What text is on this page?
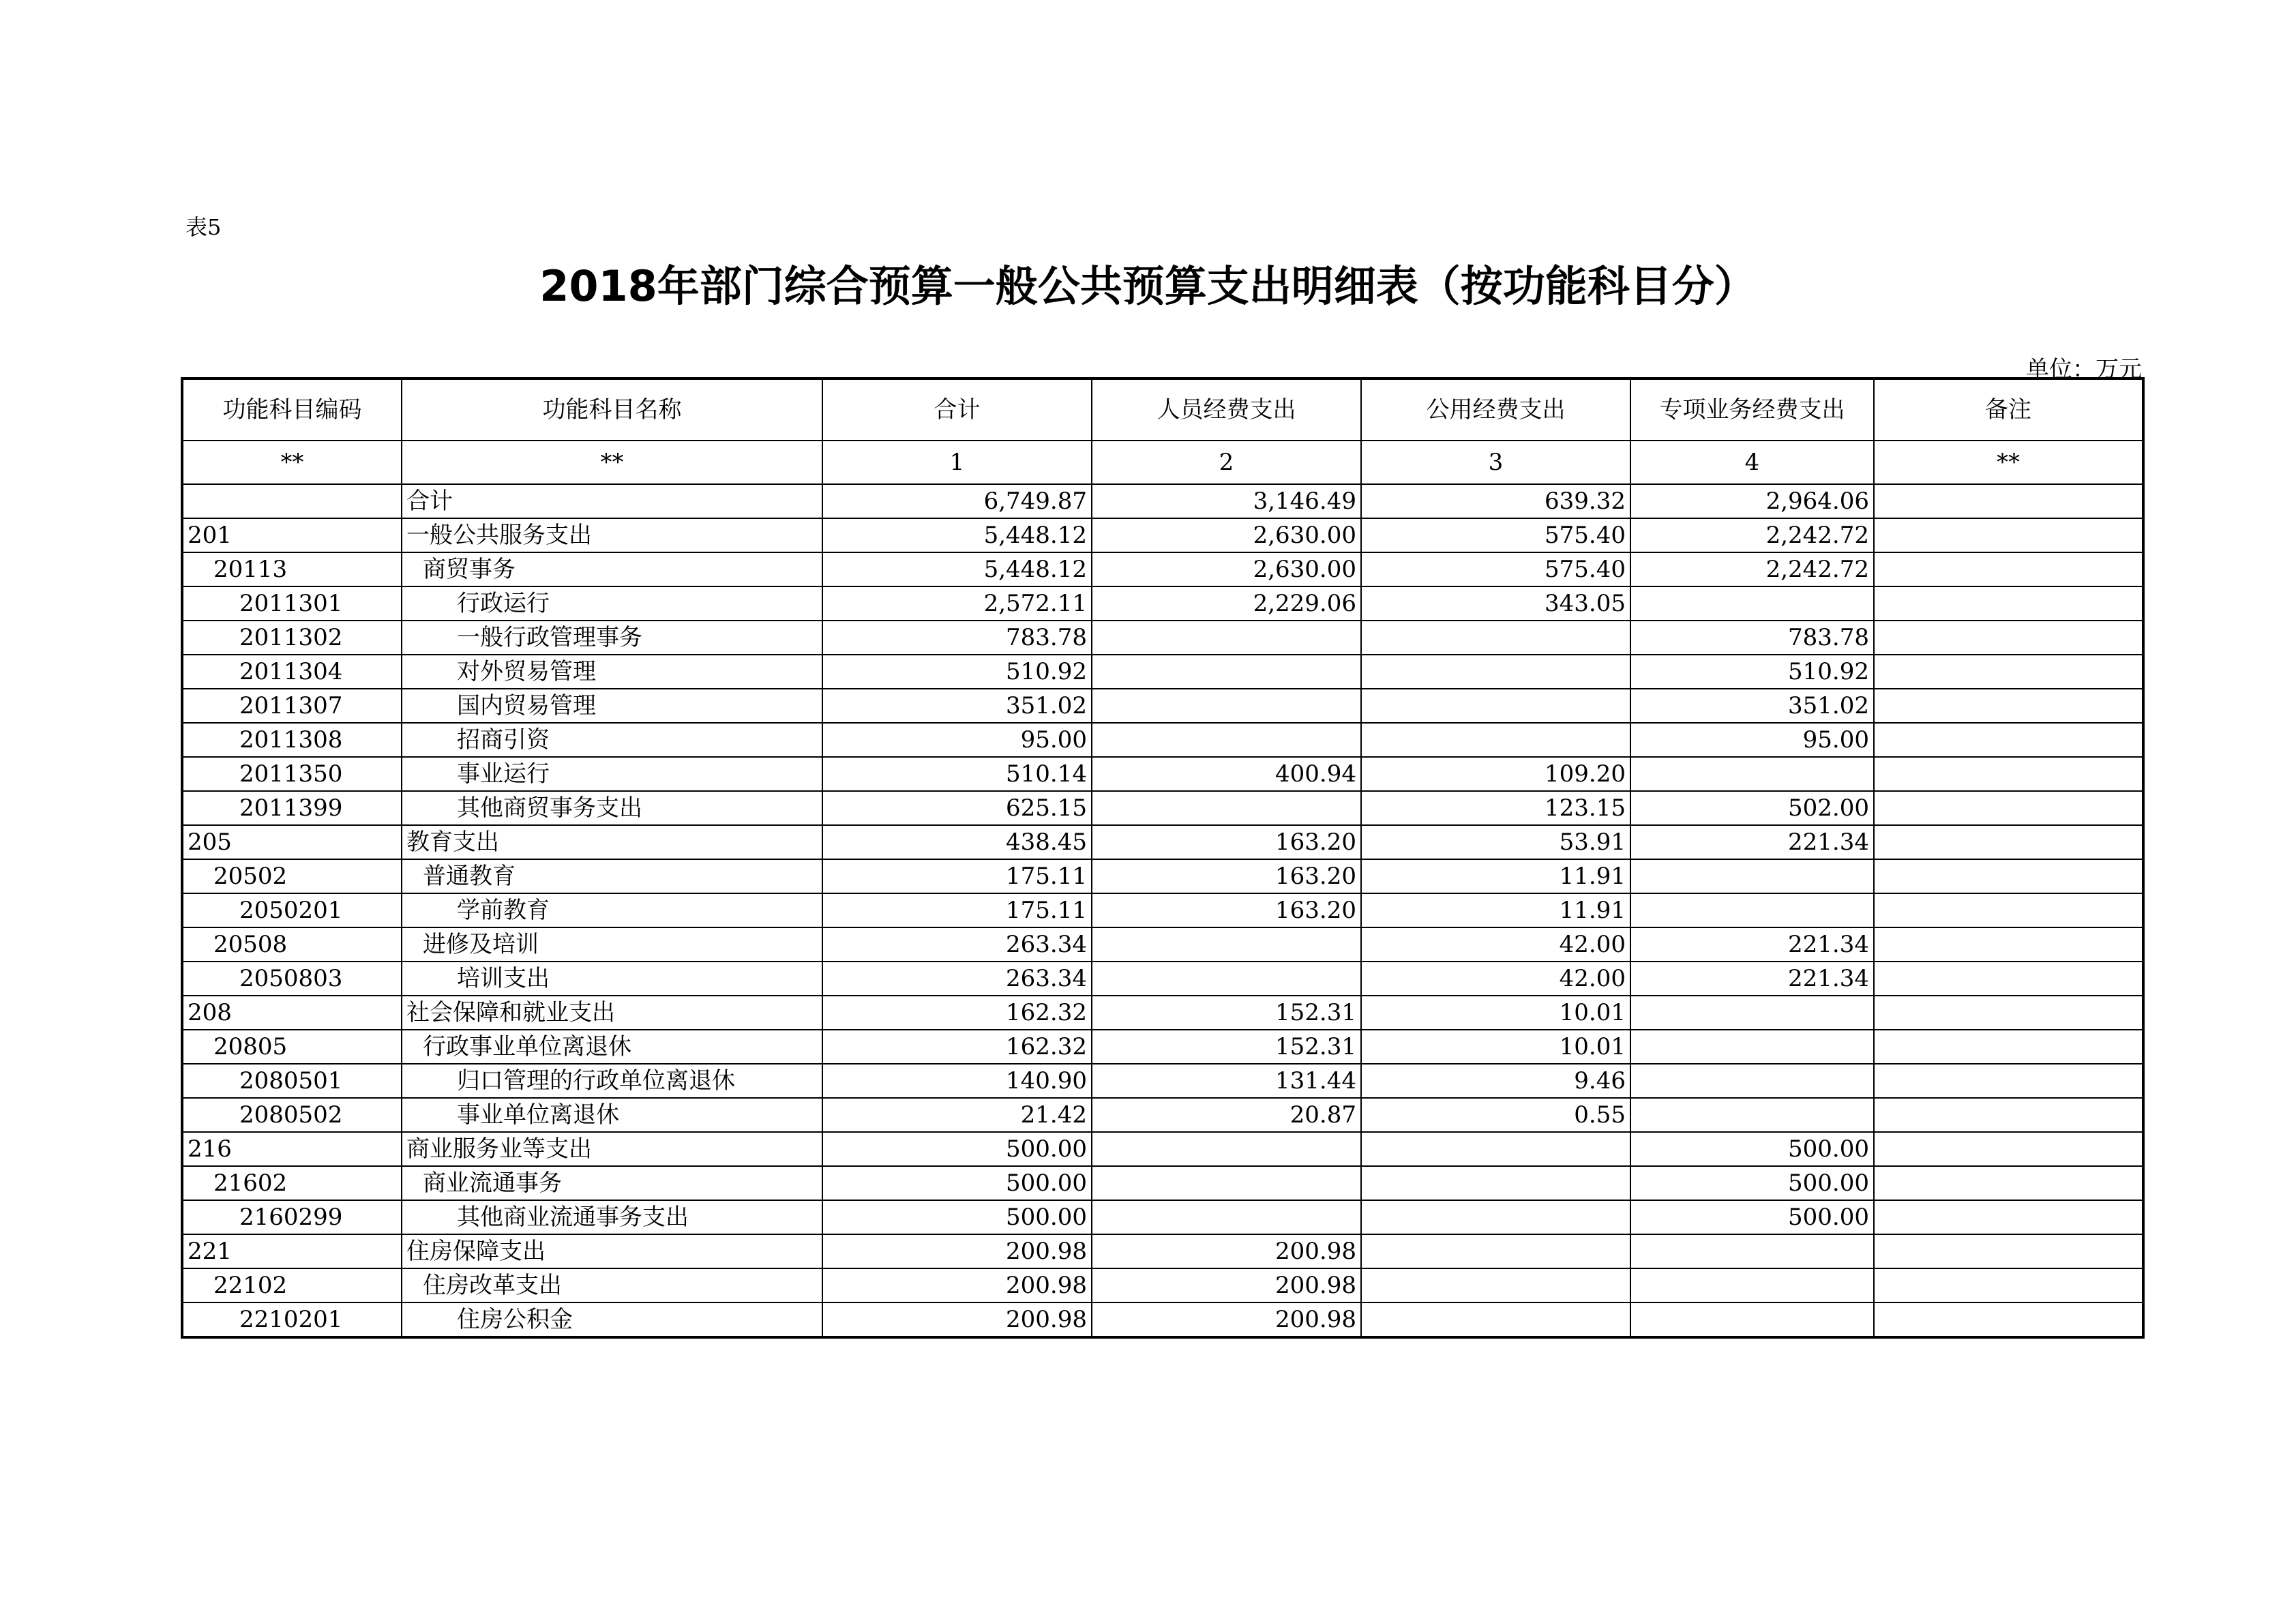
表5
2018年部门综合预算一般公共预算支出明细表（按功能科目分）
单位：万元
功能科目编码	功能科目名称	合计	人员经费支出	公用经费支出	专项业务经费支出	备注
**	**	1	2	3	4	**
	合计	6,749.87	3,146.49	639.32	2,964.06	
201	一般公共服务支出	5,448.12	2,630.00	575.40	2,242.72	
20113	商贸事务	5,448.12	2,630.00	575.40	2,242.72	
2011301	行政运行	2,572.11	2,229.06	343.05		
2011302	一般行政管理事务	783.78			783.78	
2011304	对外贸易管理	510.92			510.92	
2011307	国内贸易管理	351.02			351.02	
2011308	招商引资	95.00			95.00	
2011350	事业运行	510.14	400.94	109.20		
2011399	其他商贸事务支出	625.15		123.15	502.00	
205	教育支出	438.45	163.20	53.91	221.34	
20502	普通教育	175.11	163.20	11.91		
2050201	学前教育	175.11	163.20	11.91		
20508	进修及培训	263.34		42.00	221.34	
2050803	培训支出	263.34		42.00	221.34	
208	社会保障和就业支出	162.32	152.31	10.01		
20805	行政事业单位离退休	162.32	152.31	10.01		
2080501	归口管理的行政单位离退休	140.90	131.44	9.46		
2080502	事业单位离退休	21.42	20.87	0.55		
216	商业服务业等支出	500.00			500.00	
21602	商业流通事务	500.00			500.00	
2160299	其他商业流通事务支出	500.00			500.00	
221	住房保障支出	200.98	200.98			
22102	住房改革支出	200.98	200.98			
2210201	住房公积金	200.98	200.98			
